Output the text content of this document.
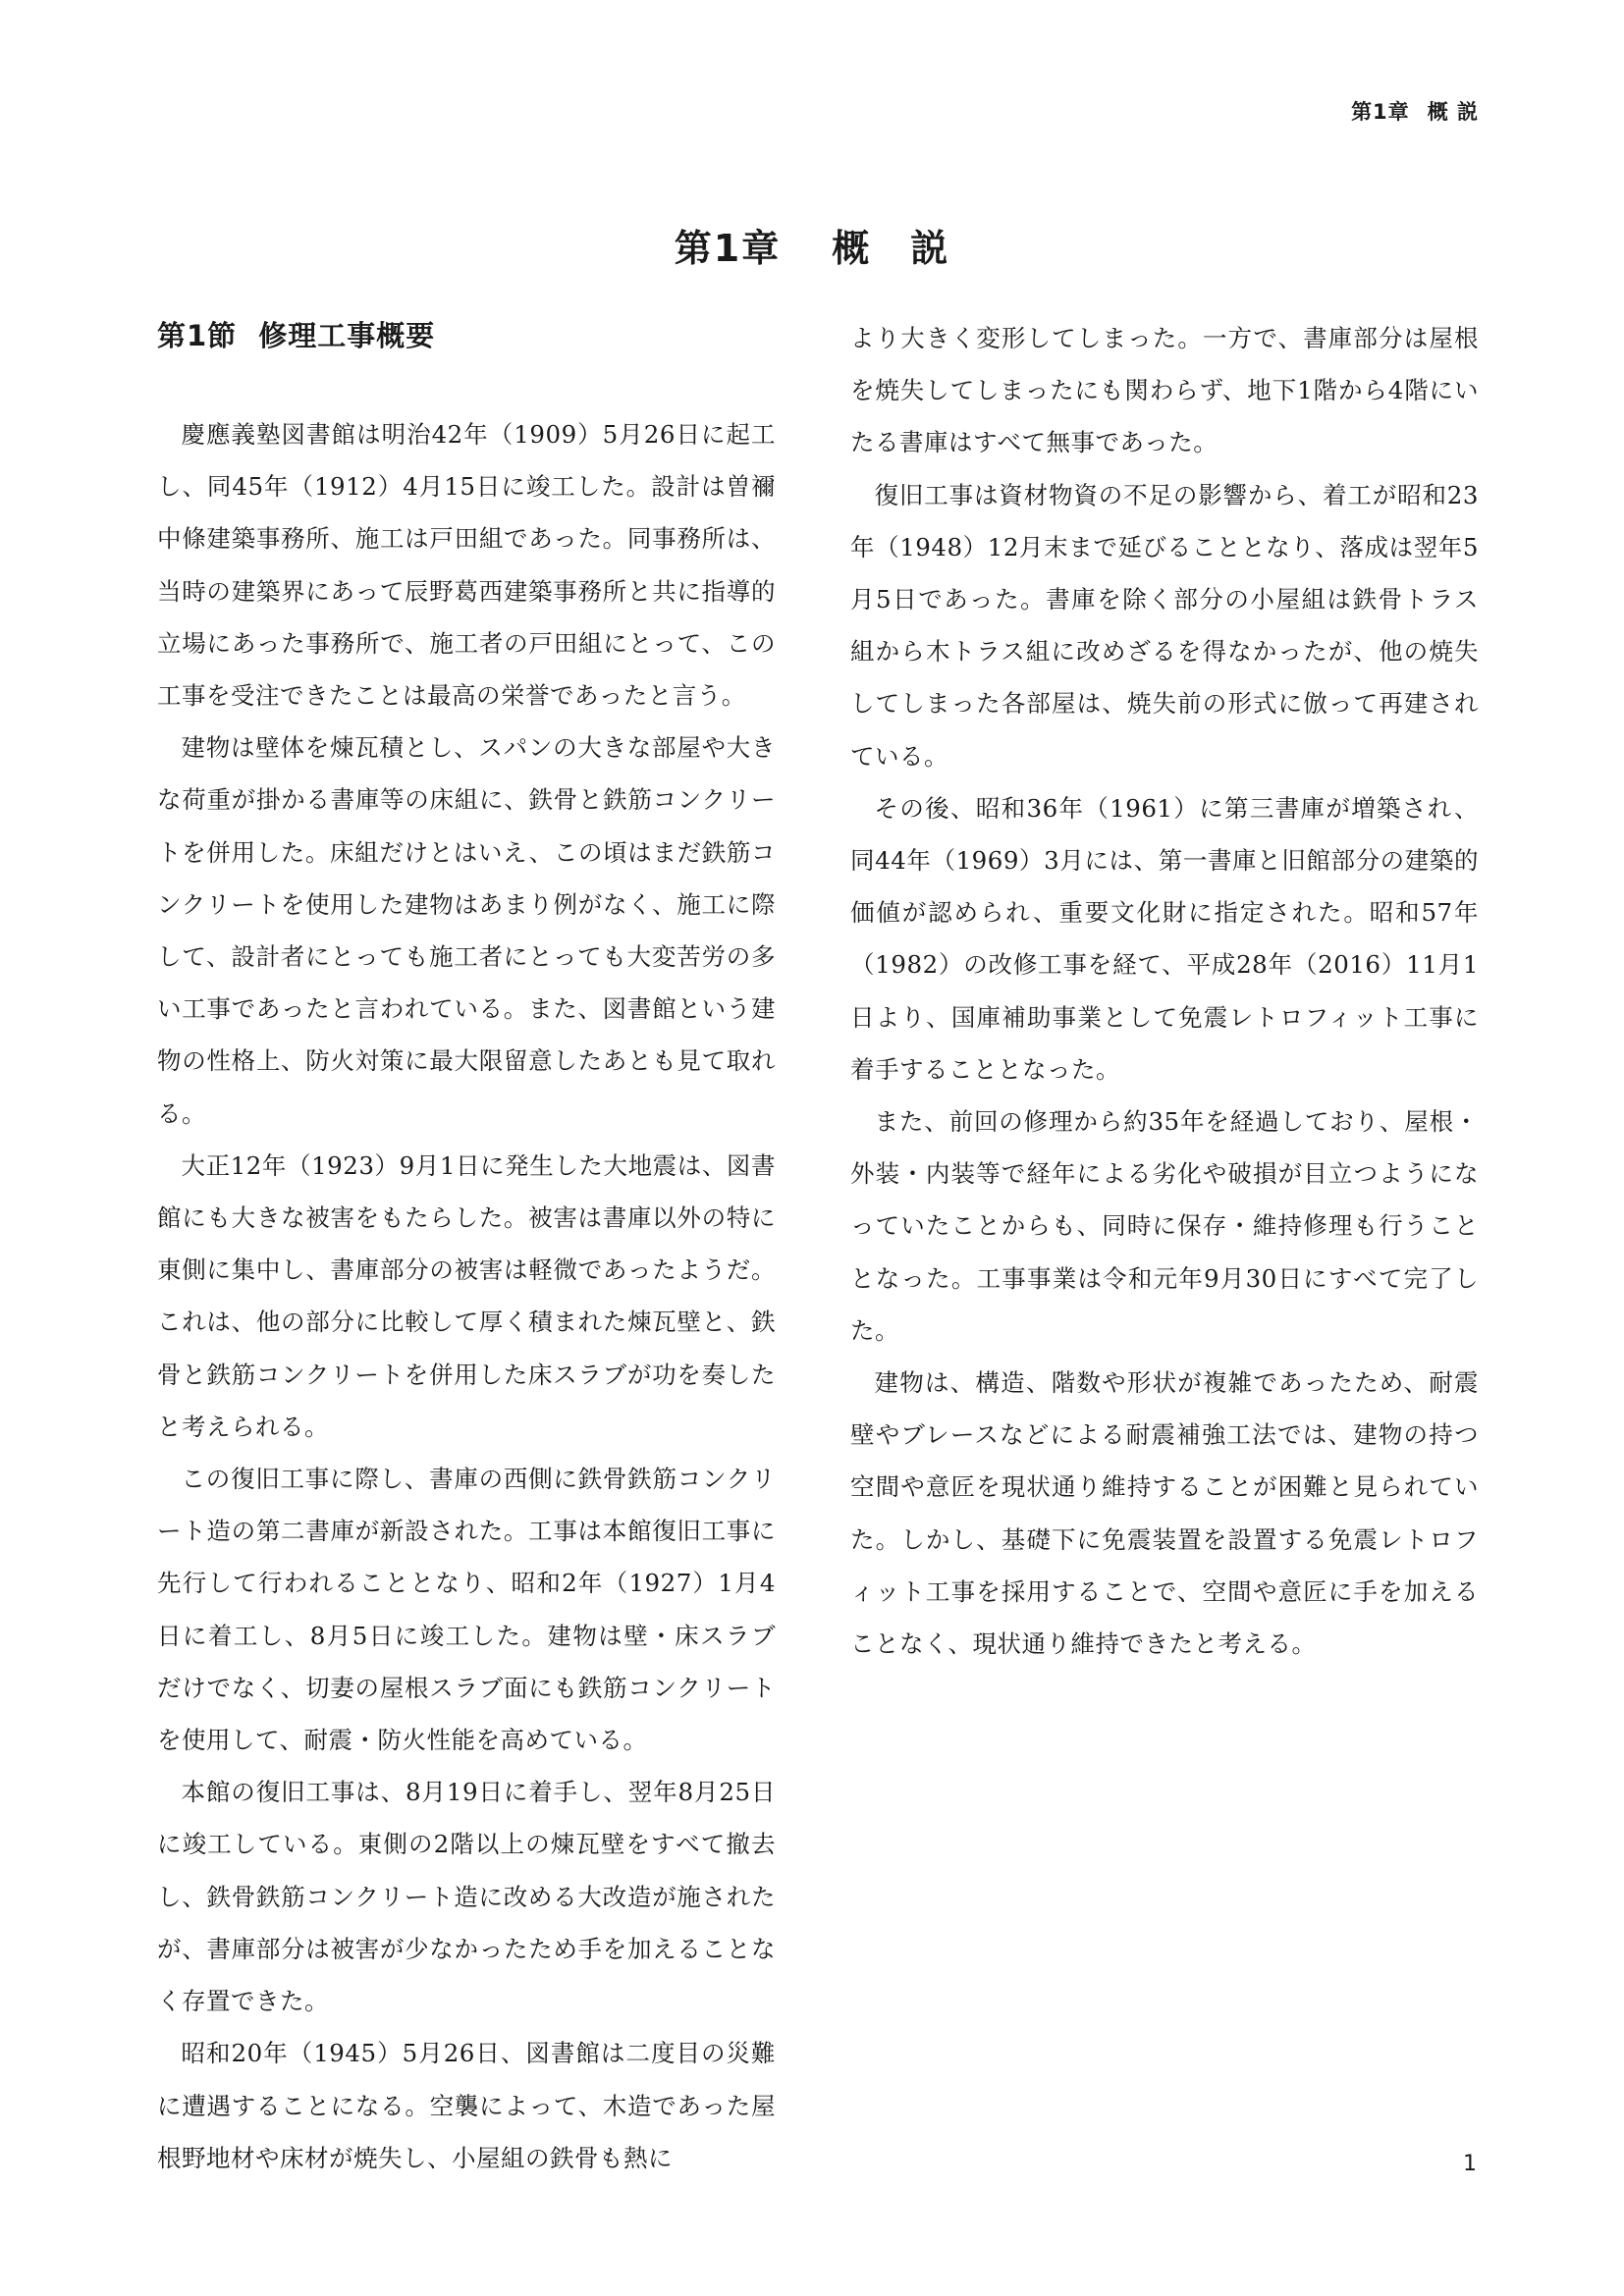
第1章 概 説
第1章 概 説
第1節 修理工事概要

慶應義塾図書館は明治42年（1909）5月26日に起工し、同45年（1912）4月15日に竣工した。設計は曽禰中條建築事務所、施工は戸田組であった。同事務所は、当時の建築界にあって辰野葛西建築事務所と共に指導的立場にあった事務所で、施工者の戸田組にとって、この工事を受注できたことは最高の栄誉であったと言う。

建物は壁体を煉瓦積とし、スパンの大きな部屋や大きな荷重が掛かる書庫等の床組に、鉄骨と鉄筋コンクリートを併用した。床組だけとはいえ、この頃はまだ鉄筋コンクリートを使用した建物はあまり例がなく、施工に際して、設計者にとっても施工者にとっても大変苦労の多い工事であったと言われている。また、図書館という建物の性格上、防火対策に最大限留意したあとも見て取れる。

大正12年（1923）9月1日に発生した大地震は、図書館にも大きな被害をもたらした。被害は書庫以外の特に東側に集中し、書庫部分の被害は軽微であったようだ。これは、他の部分に比較して厚く積まれた煉瓦壁と、鉄骨と鉄筋コンクリートを併用した床スラブが功を奏したと考えられる。

この復旧工事に際し、書庫の西側に鉄骨鉄筋コンクリート造の第二書庫が新設された。工事は本館復旧工事に先行して行われることとなり、昭和2年（1927）1月4日に着工し、8月5日に竣工した。建物は壁・床スラブだけでなく、切妻の屋根スラブ面にも鉄筋コンクリートを使用して、耐震・防火性能を高めている。

本館の復旧工事は、8月19日に着手し、翌年8月25日に竣工している。東側の2階以上の煉瓦壁をすべて撤去し、鉄骨鉄筋コンクリート造に改める大改造が施されたが、書庫部分は被害が少なかったため手を加えることなく存置できた。

昭和20年（1945）5月26日、図書館は二度目の災難に遭遇することになる。空襲によって、木造であった屋根野地材や床材が焼失し、小屋組の鉄骨も熱に

より大きく変形してしまった。一方で、書庫部分は屋根を焼失してしまったにも関わらず、地下1階から4階にいたる書庫はすべて無事であった。

復旧工事は資材物資の不足の影響から、着工が昭和23年（1948）12月末まで延びることとなり、落成は翌年5月5日であった。書庫を除く部分の小屋組は鉄骨トラス組から木トラス組に改めざるを得なかったが、他の焼失してしまった各部屋は、焼失前の形式に倣って再建されている。

その後、昭和36年（1961）に第三書庫が増築され、同44年（1969）3月には、第一書庫と旧館部分の建築的価値が認められ、重要文化財に指定された。昭和57年（1982）の改修工事を経て、平成28年（2016）11月1日より、国庫補助事業として免震レトロフィット工事に着手することとなった。

また、前回の修理から約35年を経過しており、屋根・外装・内装等で経年による劣化や破損が目立つようになっていたことからも、同時に保存・維持修理も行うこととなった。工事事業は令和元年9月30日にすべて完了した。

建物は、構造、階数や形状が複雑であったため、耐震壁やブレースなどによる耐震補強工法では、建物の持つ空間や意匠を現状通り維持することが困難と見られていた。しかし、基礎下に免震装置を設置する免震レトロフィット工事を採用することで、空間や意匠に手を加えることなく、現状通り維持できたと考える。

1
